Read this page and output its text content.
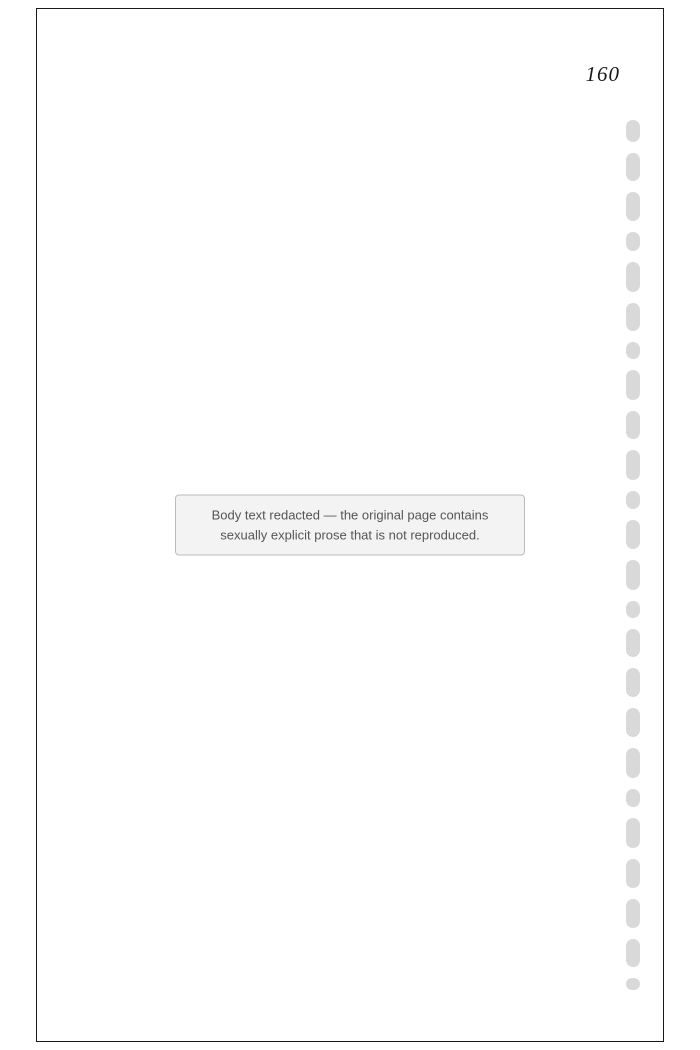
160
Body text redacted — the original page contains sexually explicit prose that is not reproduced.
